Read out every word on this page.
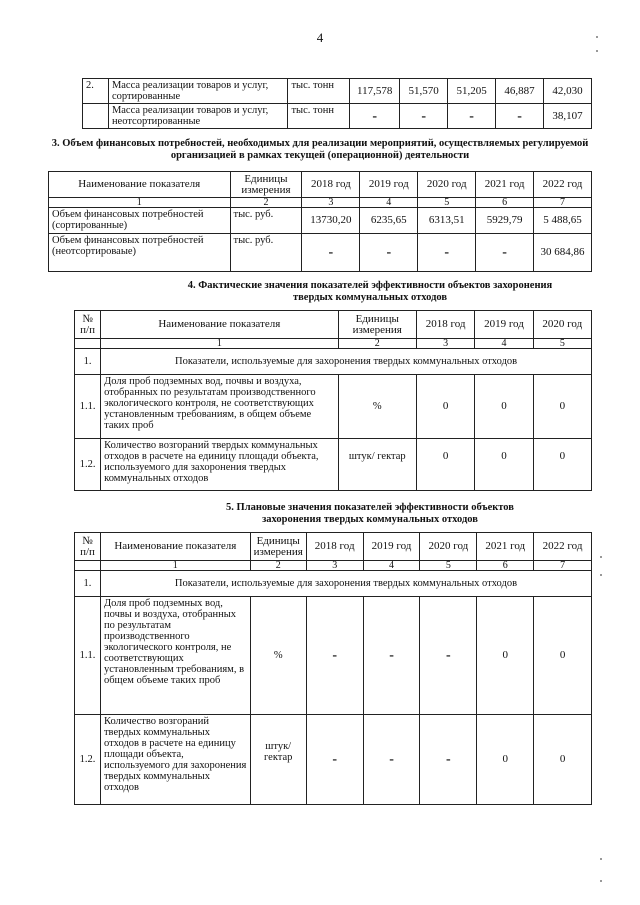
4
2.	Масса реализации товаров и услуг, сортированные	тыс. тонн	117,578	51,570	51,205	46,887	42,030
	Масса реализации товаров и услуг, неотсортированные	тыс. тонн	-	-	-	-	38,107
3. Объем финансовых потребностей, необходимых для реализации мероприятий, осуществляемых регулируемой организацией в рамках текущей (операционной) деятельности
Наименование показателя	Единицы измерения	2018 год	2019 год	2020 год	2021 год	2022 год
1	2	3	4	5	6	7
Объем финансовых потребностей (сортированные)	тыс. руб.	13730,20	6235,65	6313,51	5929,79	5 488,65
Объем финансовых потребностей (неотсортироваые)	тыс. руб.	-	-	-	-	30 684,86
4. Фактические значения показателей эффективности объектов захоронения твердых коммунальных отходов
№ п/п	Наименование показателя	Единицы измерения	2018 год	2019 год	2020 год
	1	2	3	4	5
1.	Показатели, используемые для захоронения твердых коммунальных отходов				
1.1.	Доля проб подземных вод, почвы и воздуха, отобранных по результатам производственного экологического контроля, не соответствующих установленным требованиям, в общем объеме таких проб	%	0	0	0
1.2.	Количество возгораний твердых коммунальных отходов в расчете на единицу площади объекта, используемого для захоронения твердых коммунальных отходов	штук/ гектар	0	0	0
5. Плановые значения показателей эффективности объектов захоронения твердых коммунальных отходов
№ п/п	Наименование показателя	Единицы измерения	2018 год	2019 год	2020 год	2021 год	2022 год
	1	2	3	4	5	6	7
1.	Показатели, используемые для захоронения твердых коммунальных отходов						
1.1.	Доля проб подземных вод, почвы и воздуха, отобранных по результатам производственного экологического контроля, не соответствующих установленным требованиям, в общем объеме таких проб	%	-	-	-	0	0
1.2.	Количество возгораний твердых коммунальных отходов в расчете на единицу площади объекта, используемого для захоронения твердых коммунальных отходов	штук/ гектар	-	-	-	0	0
